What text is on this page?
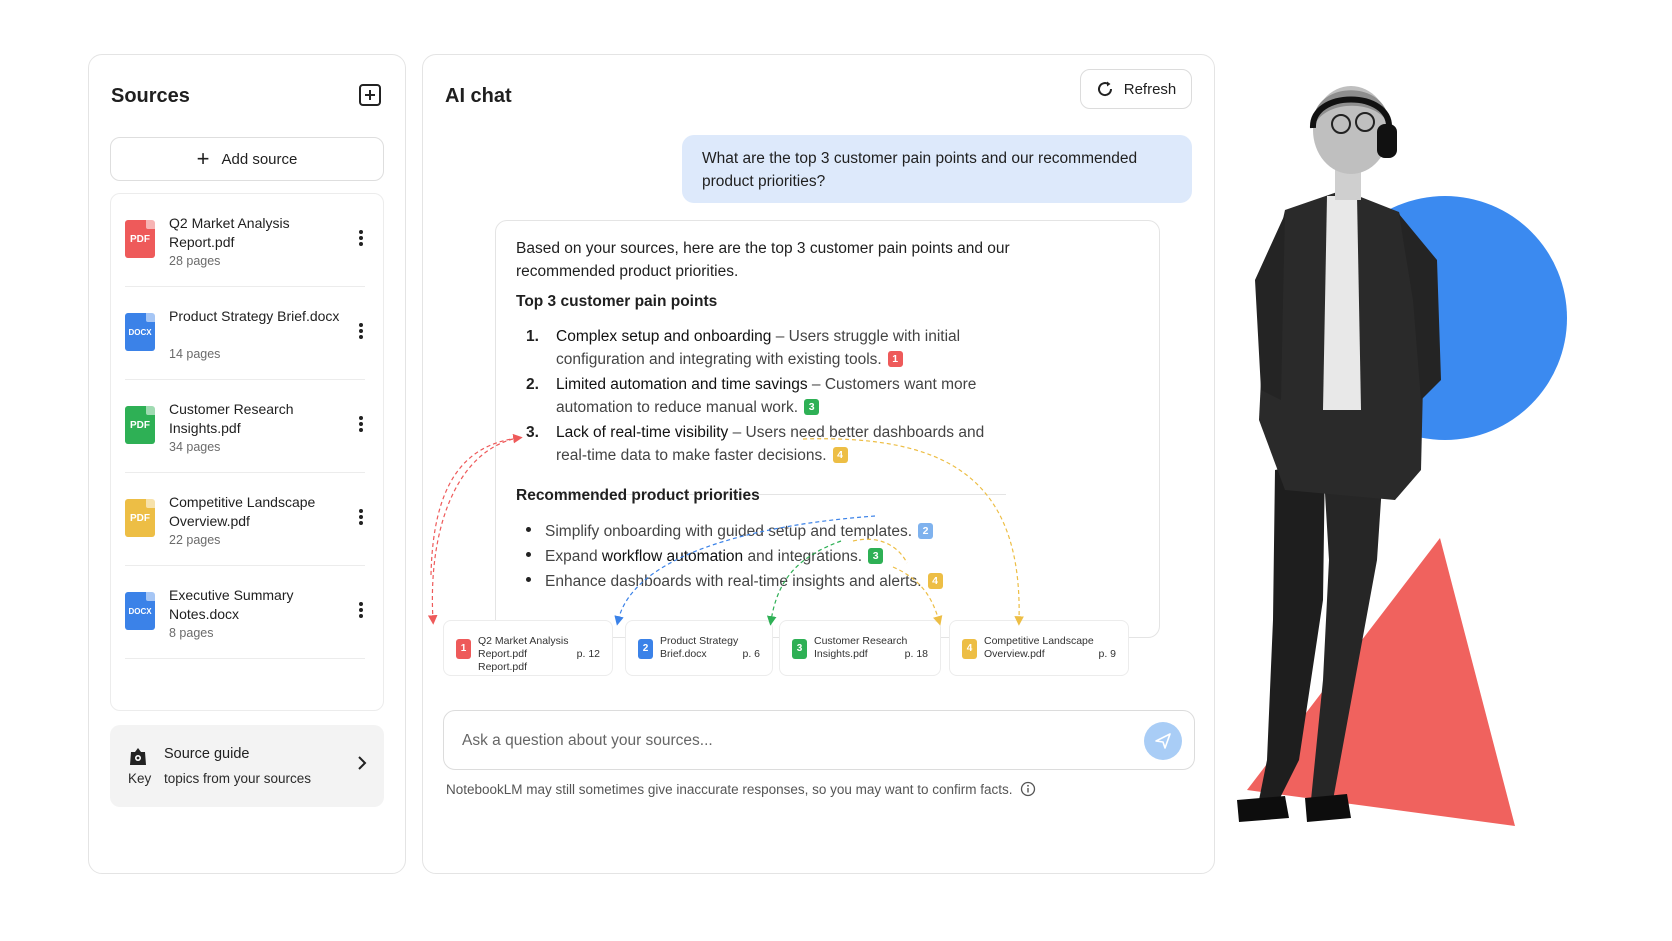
Sources
+ Add source
PDF
Q2 Market Analysis Report.pdf
28 pages
DOCX
Product Strategy Brief.docx
14 pages
PDF
Customer Research Insights.pdf
34 pages
PDF
Competitive Landscape Overview.pdf
22 pages
DOCX
Executive Summary Notes.docx
8 pages
Source guide
Key topics from your sources
AI chat	Refresh
What are the top 3 customer pain points and our recommended product priorities?
Based on your sources, here are the top 3 customer pain points and our recommended product priorities.
Top 3 customer pain points
1. Complex setup and onboarding – Users struggle with initial configuration and integrating with existing tools. 1
2. Limited automation and time savings – Customers want more automation to reduce manual work. 3
3. Lack of real-time visibility – Users need better dashboards and real-time data to make faster decisions. 4
Recommended product priorities
Simplify onboarding with guided setup and templates. 2
Expand workflow automation and integrations. 3
Enhance dashboards with real-time insights and alerts. 4
1
Q2 Market Analysis Report.pdf
Report.pdf
p. 12	2
Product Strategy
Brief.docx	p. 6	3
Customer Research
Insights.pdf	p. 18	4
Competitive Landscape
Overview.pdf	p. 9
Ask a question about your sources...
NotebookLM may still sometimes give inaccurate responses, so you may want to confirm facts.
